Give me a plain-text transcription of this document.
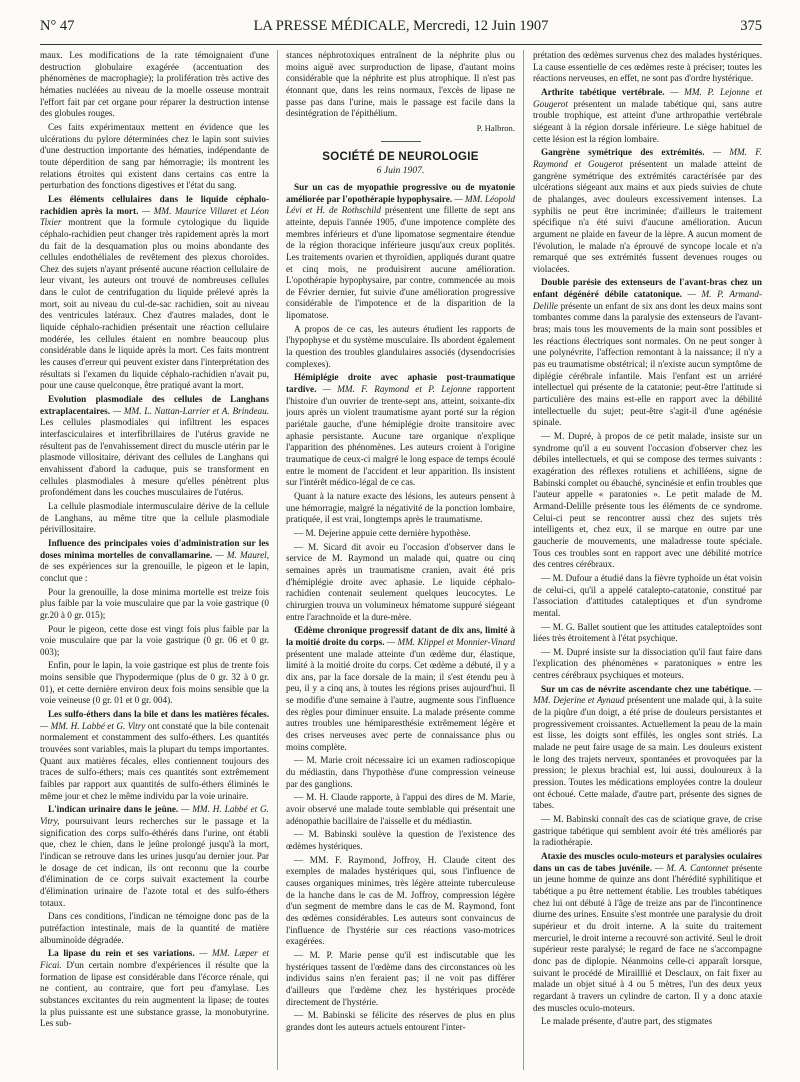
N° 47	LA PRESSE MÉDICALE, Mercredi, 12 Juin 1907	375

maux. Les modifications de la rate témoignaient d'une destruction globulaire exagérée (accentuation des phénomènes de macrophagie); la prolifération très active des hématies nucléées au niveau de la moelle osseuse montrait l'effort fait par cet organe pour réparer la destruction intense des globules rouges.

Ces faits expérimentaux mettent en évidence que les ulcérations du pylore déterminées chez le lapin sont suivies d'une destruction importante des hématies, indépendante de toute déperdition de sang par hémorragie; ils montrent les relations étroites qui existent dans certains cas entre la perturbation des fonctions digestives et l'état du sang.

Les éléments cellulaires dans le liquide céphalo-rachidien après la mort. — MM. Maurice Villaret et Léon Tixier montrent que la formule cytologique du liquide céphalo-rachidien peut changer très rapidement après la mort du fait de la desquamation plus ou moins abondante des cellules endothéliales de revêtement des plexus choroïdes. Chez des sujets n'ayant présenté aucune réaction cellulaire de leur vivant, les auteurs ont trouvé de nombreuses cellules dans le culot de centrifugation du liquide prélevé après la mort, soit au niveau du cul-de-sac rachidien, soit au niveau des ventricules latéraux. Chez d'autres malades, dont le liquide céphalo-rachidien présentait une réaction cellulaire modérée, les cellules étaient en nombre beaucoup plus considérable dans le liquide après la mort. Ces faits montrent les causes d'erreur qui peuvent exister dans l'interprétation des résultats si l'examen du liquide céphalo-rachidien n'avait pu, pour une cause quelconque, être pratiqué avant la mort.

Evolution plasmodiale des cellules de Langhans extraplacentaires. — MM. L. Nattan-Larrier et A. Brindeau. Les cellules plasmodiales qui infiltrent les espaces interfasciculaires et interfibrillaires de l'utérus gravide ne résultent pas de l'envahissement direct du muscle utérin par le plasmode villositaire, dérivant des cellules de Langhans qui envahissent d'abord la caduque, puis se transforment en cellules plasmodiales à mesure qu'elles pénètrent plus profondément dans les couches musculaires de l'utérus.

La cellule plasmodiale intermusculaire dérive de la cellule de Langhans, au même titre que la cellule plasmodiale périvillositaire.

Influence des principales voies d'administration sur les doses minima mortelles de convallamarine. — M. Maurel, de ses expériences sur la grenouille, le pigeon et le lapin, conclut que :

Pour la grenouille, la dose minima mortelle est treize fois plus faible par la voie musculaire que par la voie gastrique (0 gr.20 à 0 gr. 015);

Pour le pigeon, cette dose est vingt fois plus faible par la voie musculaire que par la voie gastrique (0 gr. 06 et 0 gr. 003);

Enfin, pour le lapin, la voie gastrique est plus de trente fois moins sensible que l'hypodermique (plus de 0 gr. 32 à 0 gr. 01), et cette dernière environ deux fois moins sensible que la voie veineuse (0 gr. 01 et 0 gr. 004).

Les sulfo-éthers dans la bile et dans les matières fécales. — MM. H. Labbé et G. Vitry ont constaté que la bile contenait normalement et constamment des sulfo-éthers. Les quantités trouvées sont variables, mais la plupart du temps importantes. Quant aux matières fécales, elles contiennent toujours des traces de sulfo-éthers; mais ces quantités sont extrêmement faibles par rapport aux quantités de sulfo-éthers éliminés le même jour et chez le même individu par la voie urinaire.

L'indican urinaire dans le jeûne. — MM. H. Labbé et G. Vitry, poursuivant leurs recherches sur le passage et la signification des corps sulfo-éthérés dans l'urine, ont établi que, chez le chien, dans le jeûne prolongé jusqu'à la mort, l'indican se retrouve dans les urines jusqu'au dernier jour. Par le dosage de cet indican, ils ont reconnu que la courbe d'élimination de ce corps suivait exactement la courbe d'élimination urinaire de l'azote total et des sulfo-éthers totaux.

Dans ces conditions, l'indican ne témoigne donc pas de la putréfaction intestinale, mais de la quantité de matière albuminoïde dégradée.

La lipase du rein et ses variations. — MM. Læper et Ficai. D'un certain nombre d'expériences il résulte que la formation de lipase est considérable dans l'écorce rénale, qui ne contient, au contraire, que fort peu d'amylase. Les substances excitantes du rein augmentent la lipase; de toutes la plus puissante est une substance grasse, la monobutyrine. Les sub-

stances néphrotoxiques entraînent de la néphrite plus ou moins aiguë avec surproduction de lipase, d'autant moins considérable que la néphrite est plus atrophique. Il n'est pas étonnant que, dans les reins normaux, l'excès de lipase ne passe pas dans l'urine, mais le passage est facile dans la desintégration de l'épithélium.

P. Halbron.
SOCIÉTÉ DE NEUROLOGIE
6 Juin 1907.

Sur un cas de myopathie progressive ou de myatonie améliorée par l'opothérapie hypophysaire. — MM. Léopold Lévi et H. de Rothschild présentent une fillette de sept ans atteinte, depuis l'année 1905, d'une impotence complète des membres inférieurs et d'une lipomatose segmentaire étendue de la région thoracique inférieure jusqu'aux creux poplités. Les traitements ovarien et thyroïdien, appliqués durant quatre et cinq mois, ne produisirent aucune amélioration. L'opothérapie hypophysaire, par contre, commencée au mois de Février dernier, fut suivie d'une amélioration progressive considérable de l'impotence et de la disparition de la lipomatose.

A propos de ce cas, les auteurs étudient les rapports de l'hypophyse et du système musculaire. Ils abordent également la question des troubles glandulaires associés (dysendocrisies complexes).

Hémiplégie droite avec aphasie post-traumatique tardive. — MM. F. Raymond et P. Lejonne rapportent l'histoire d'un ouvrier de trente-sept ans, atteint, soixante-dix jours après un violent traumatisme ayant porté sur la région pariétale gauche, d'une hémiplégie droite transitoire avec aphasie persistante. Aucune tare organique n'explique l'apparition des phénomènes. Les auteurs croient à l'origine traumatique de ceux-ci malgré le long espace de temps écoulé entre le moment de l'accident et leur apparition. Ils insistent sur l'intérêt médico-légal de ce cas.

Quant à la nature exacte des lésions, les auteurs pensent à une hémorragie, malgré la négativité de la ponction lombaire, pratiquée, il est vrai, longtemps après le traumatisme.

— M. Dejerine appuie cette dernière hypothèse.

— M. Sicard dit avoir eu l'occasion d'observer dans le service de M. Raymond un malade qui, quatre ou cinq semaines après un traumatisme cranien, avait été pris d'hémiplégie droite avec aphasie. Le liquide céphalo-rachidien contenait seulement quelques leucocytes. Le chirurgien trouva un volumineux hématome suppuré siégeant entre l'arachnoïde et la dure-mère.

Œdème chronique progressif datant de dix ans, limité à la moitié droite du corps. — MM. Klippel et Monnier-Vinard présentent une malade atteinte d'un œdème dur, élastique, limité à la moitié droite du corps. Cet œdème a débuté, il y a dix ans, par la face dorsale de la main; il s'est étendu peu à peu, il y a cinq ans, à toutes les régions prises aujourd'hui. Il se modifie d'une semaine à l'autre, augmente sous l'influence des règles pour diminuer ensuite. La malade présente comme autres troubles une hémiparesthésie extrêmement légère et des crises nerveuses avec perte de connaissance plus ou moins complète.

— M. Marie croit nécessaire ici un examen radioscopique du médiastin, dans l'hypothèse d'une compression veineuse par des ganglions.

— M. H. Claude rapporte, à l'appui des dires de M. Marie, avoir observé une malade toute semblable qui présentait une adénopathie bacillaire de l'aisselle et du médiastin.

— M. Babinski soulève la question de l'existence des œdèmes hystériques.

— MM. F. Raymond, Joffroy, H. Claude citent des exemples de malades hystériques qui, sous l'influence de causes organiques minimes, très légère atteinte tuberculeuse de la hanche dans le cas de M. Joffroy, compression légère d'un segment de membre dans le cas de M. Raymond, font des œdèmes considérables. Les auteurs sont convaincus de l'influence de l'hystérie sur ces réactions vaso-motrices exagérées.

— M. P. Marie pense qu'il est indiscutable que les hystériques tassent de l'œdème dans des circonstances où les individus sains n'en feraient pas; il ne voit pas différer d'ailleurs que l'œdème chez les hystériques procède directement de l'hystérie.

— M. Babinski se félicite des réserves de plus en plus grandes dont les auteurs actuels entourent l'inter-

prétation des œdèmes survenus chez des malades hystériques. La cause essentielle de ces œdèmes reste à préciser; toutes les réactions nerveuses, en effet, ne sont pas d'ordre hystérique.

Arthrite tabétique vertébrale. — MM. P. Lejonne et Gougerot présentent un malade tabétique qui, sans autre trouble trophique, est atteint d'une arthropathie vertébrale siégeant à la région dorsale inférieure. Le siège habituel de cette lésion est la région lombaire.

Gangrène symétrique des extrémités. — MM. F. Raymond et Gougerot présentent un malade atteint de gangrène symétrique des extrémités caractérisée par des ulcérations siégeant aux mains et aux pieds suivies de chute de phalanges, avec douleurs excessivement intenses. La syphilis ne peut être incriminée; d'ailleurs le traitement spécifique n'a été suivi d'aucune amélioration. Aucun argument ne plaide en faveur de la lèpre. A aucun moment de l'évolution, le malade n'a éprouvé de syncope locale et n'a remarqué que ses extrémités fussent devenues rouges ou violacées.

Double parésie des extenseurs de l'avant-bras chez un enfant dégénéré débile catatonique. — M. P. Armand-Delille présente un enfant de six ans dont les deux mains sont tombantes comme dans la paralysie des extenseurs de l'avant-bras; mais tous les mouvements de la main sont possibles et les réactions électriques sont normales. On ne peut songer à une polynévrite, l'affection remontant à la naissance; il n'y a pas eu traumatisme obstétrical; il n'existe aucun symptôme de diplégie cérébrale infantile. Mais l'enfant est un arriéré intellectuel qui présente de la catatonie; peut-être l'attitude si particulière des mains est-elle en rapport avec la débilité intellectuelle du sujet; peut-être s'agit-il d'une agénésie spinale.

— M. Dupré, à propos de ce petit malade, insiste sur un syndrome qu'il a eu souvent l'occasion d'observer chez les débiles intellectuels, et qui se compose des termes suivants : exagération des réflexes rotuliens et achilléens, signe de Babinski complet ou ébauché, syncinésie et enfin troubles que l'auteur appelle « paratonies ». Le petit malade de M. Armand-Delille présente tous les éléments de ce syndrome. Celui-ci peut se rencontrer aussi chez des sujets très intelligents et, chez eux, il se marque en outre par une gaucherie de mouvements, une maladresse toute spéciale. Tous ces troubles sont en rapport avec une débilité motrice des centres cérébraux.

— M. Dufour a étudié dans la fièvre typhoïde un état voisin de celui-ci, qu'il a appelé catalepto-catatonie, constitué par l'association d'attitudes cataleptiques et d'un syndrome mental.

— M. G. Ballet soutient que les attitudes cataleptoïdes sont liées très étroitement à l'état psychique.

— M. Dupré insiste sur la dissociation qu'il faut faire dans l'explication des phénomènes « paratoniques » entre les centres cérébraux psychiques et moteurs.

Sur un cas de névrite ascendante chez une tabétique. — MM. Dejerine et Aynaud présentent une malade qui, à la suite de la piqûre d'un doigt, a été prise de douleurs persistantes et progressivement croissantes. Actuellement la peau de la main est lisse, les doigts sont effilés, les ongles sont striés. La malade ne peut faire usage de sa main. Les douleurs existent le long des trajets nerveux, spontanées et provoquées par la pression; le plexus brachial est, lui aussi, douloureux à la pression. Toutes les médications employées contre la douleur ont échoué. Cette malade, d'autre part, présente des signes de tabes.

— M. Babinski connaît des cas de sciatique grave, de crise gastrique tabétique qui semblent avoir été très améliorés par la radiothérapie.

Ataxie des muscles oculo-moteurs et paralysies oculaires dans un cas de tabes juvénile. — M. A. Cantonnet présente un jeune homme de quinze ans dont l'hérédité syphilitique et tabétique a pu être nettement établie. Les troubles tabétiques chez lui ont débuté à l'âge de treize ans par de l'incontinence diurne des urines. Ensuite s'est montrée une paralysie du droit supérieur et du droit interne. A la suite du traitement mercuriel, le droit interne a recouvré son activité. Seul le droit supérieur reste paralysé; le regard de face ne s'accompagne donc pas de diplopie. Néanmoins celle-ci apparaît lorsque, suivant le procédé de Mirailllié et Desclaux, on fait fixer au malade un objet situé à 4 ou 5 mètres, l'un des deux yeux regardant à travers un cylindre de carton. Il y a donc ataxie des muscles oculo-moteurs.

Le malade présente, d'autre part, des stigmates
